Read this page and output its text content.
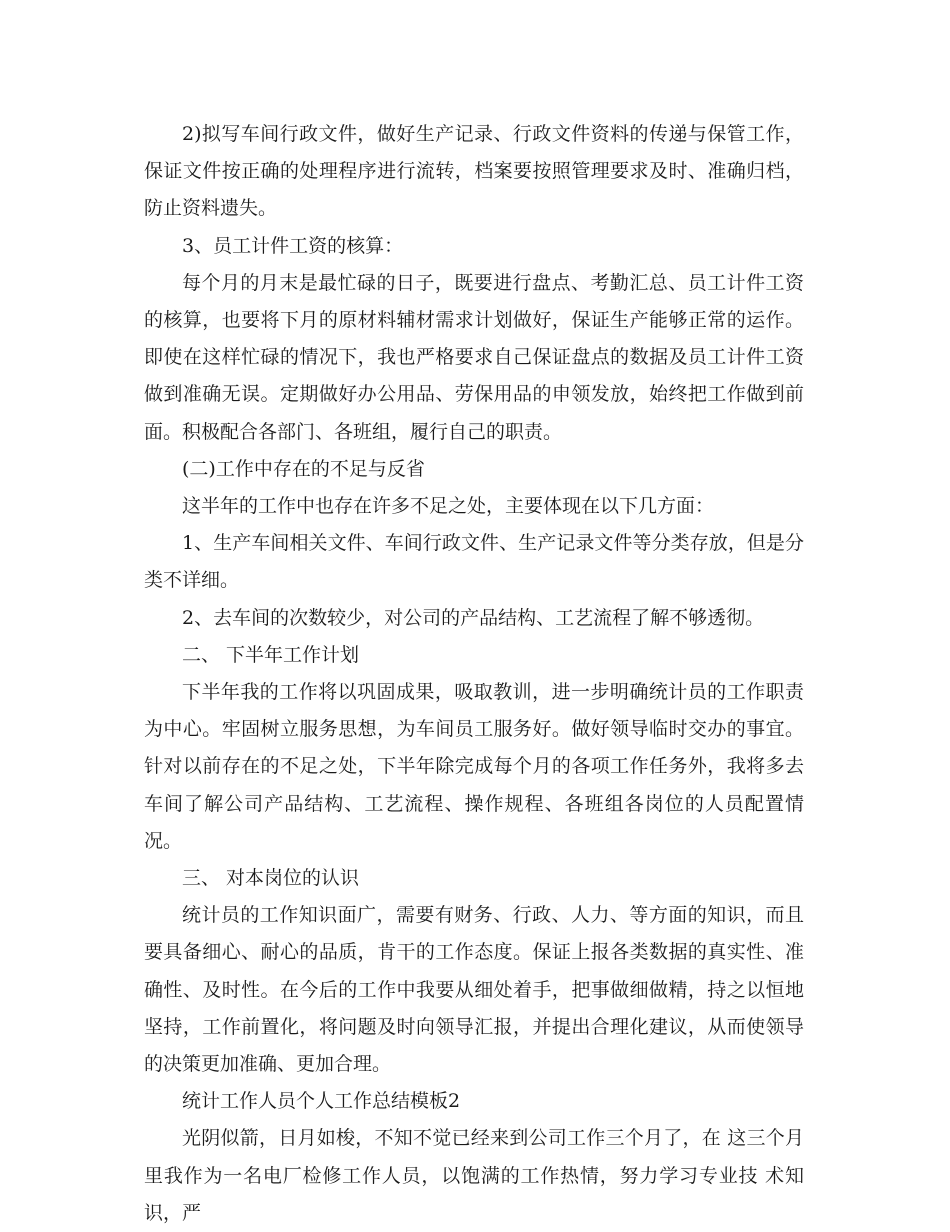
2)拟写车间行政文件，做好生产记录、行政文件资料的传递与保管工作，保证文件按正确的处理程序进行流转，档案要按照管理要求及时、准确归档，防止资料遗失。

3、员工计件工资的核算：

每个月的月末是最忙碌的日子，既要进行盘点、考勤汇总、员工计件工资的核算，也要将下月的原材料辅材需求计划做好，保证生产能够正常的运作。即使在这样忙碌的情况下，我也严格要求自己保证盘点的数据及员工计件工资做到准确无误。定期做好办公用品、劳保用品的申领发放，始终把工作做到前面。积极配合各部门、各班组，履行自己的职责。

(二)工作中存在的不足与反省

这半年的工作中也存在许多不足之处，主要体现在以下几方面：

1、生产车间相关文件、车间行政文件、生产记录文件等分类存放，但是分类不详细。

2、去车间的次数较少，对公司的产品结构、工艺流程了解不够透彻。

二、 下半年工作计划

下半年我的工作将以巩固成果，吸取教训，进一步明确统计员的工作职责为中心。牢固树立服务思想，为车间员工服务好。做好领导临时交办的事宜。针对以前存在的不足之处，下半年除完成每个月的各项工作任务外，我将多去车间了解公司产品结构、工艺流程、操作规程、各班组各岗位的人员配置情况。

三、 对本岗位的认识

统计员的工作知识面广，需要有财务、行政、人力、等方面的知识，而且要具备细心、耐心的品质，肯干的工作态度。保证上报各类数据的真实性、准确性、及时性。在今后的工作中我要从细处着手，把事做细做精，持之以恒地坚持，工作前置化，将问题及时向领导汇报，并提出合理化建议，从而使领导的决策更加准确、更加合理。

统计工作人员个人工作总结模板2

光阴似箭，日月如梭，不知不觉已经来到公司工作三个月了，在 这三个月里我作为一名电厂检修工作人员，以饱满的工作热情，努力学习专业技 术知识，严
